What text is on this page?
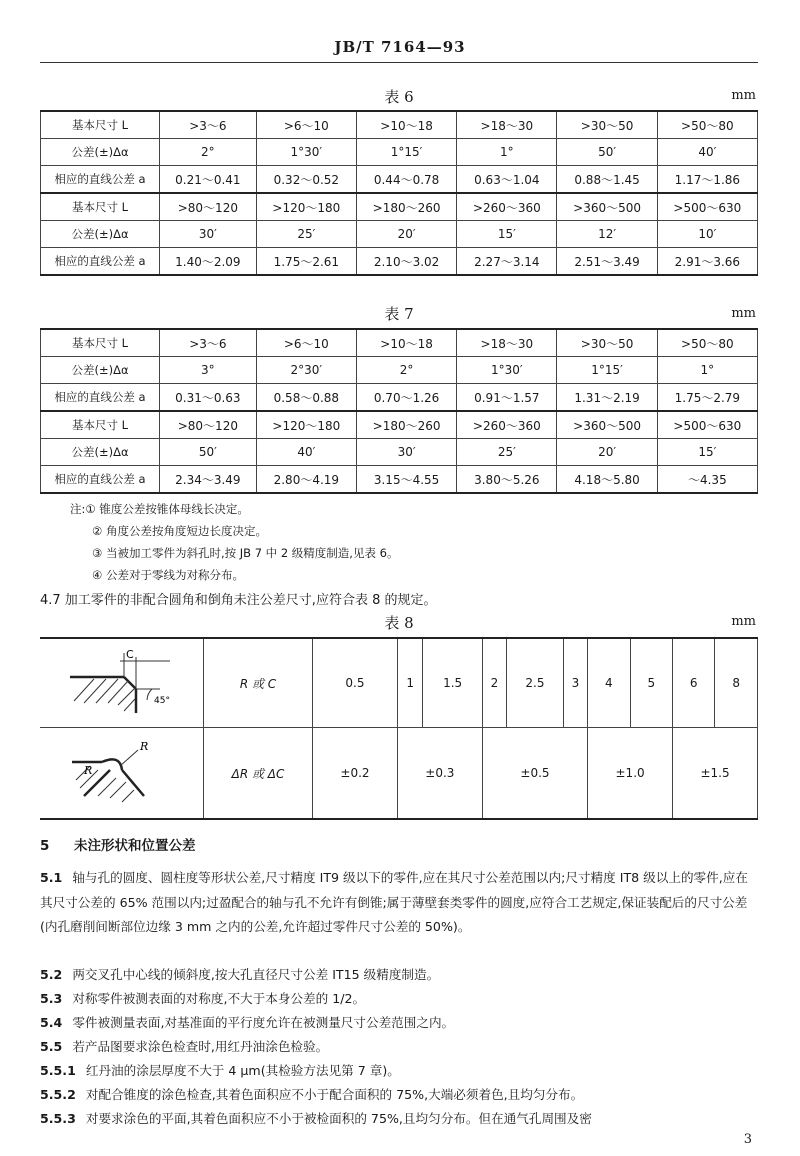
JB/T 7164—93
表 6	mm
基本尺寸 L	>3～6	>6～10	>10～18	>18～30	>30～50	>50～80
公差(±)Δα	2°	1°30′	1°15′	1°	50′	40′
相应的直线公差 a	0.21～0.41	0.32～0.52	0.44～0.78	0.63～1.04	0.88～1.45	1.17～1.86
基本尺寸 L	>80～120	>120～180	>180～260	>260～360	>360～500	>500～630
公差(±)Δα	30′	25′	20′	15′	12′	10′
相应的直线公差 a	1.40～2.09	1.75～2.61	2.10～3.02	2.27～3.14	2.51～3.49	2.91～3.66
表 7	mm
基本尺寸 L	>3～6	>6～10	>10～18	>18～30	>30～50	>50～80
公差(±)Δα	3°	2°30′	2°	1°30′	1°15′	1°
相应的直线公差 a	0.31～0.63	0.58～0.88	0.70～1.26	0.91～1.57	1.31～2.19	1.75～2.79
基本尺寸 L	>80～120	>120～180	>180～260	>260～360	>360～500	>500～630
公差(±)Δα	50′	40′	30′	25′	20′	15′
相应的直线公差 a	2.34～3.49	2.80～4.19	3.15～4.55	3.80～5.26	4.18～5.80	～4.35
注:① 锥度公差按锥体母线长决定。
② 角度公差按角度短边长度决定。
③ 当被加工零件为斜孔时,按 JB 7 中 2 级精度制造,见表 6。
④ 公差对于零线为对称分布。
4.7 加工零件的非配合圆角和倒角未注公差尺寸,应符合表 8 的规定。
表 8	mm
C
45°	R 或 C	0.5	1	1.5	2	2.5	3	4	5	6	8

R
R	ΔR 或 ΔC	±0.2	±0.3		±0.5			±1.0		±1.5	
5 未注形状和位置公差
5.1 轴与孔的圆度、圆柱度等形状公差,尺寸精度 IT9 级以下的零件,应在其尺寸公差范围以内;尺寸精度 IT8 级以上的零件,应在其尺寸公差的 65% 范围以内;过盈配合的轴与孔不允许有倒锥;属于薄壁套类零件的圆度,应符合工艺规定,保证装配后的尺寸公差(内孔磨削间断部位边缘 3 mm 之内的公差,允许超过零件尺寸公差的 50%)。
5.2 两交叉孔中心线的倾斜度,按大孔直径尺寸公差 IT15 级精度制造。
5.3 对称零件被测表面的对称度,不大于本身公差的 1/2。
5.4 零件被测量表面,对基准面的平行度允许在被测量尺寸公差范围之内。
5.5 若产品图要求涂色检查时,用红丹油涂色检验。
5.5.1 红丹油的涂层厚度不大于 4 μm(其检验方法见第 7 章)。
5.5.2 对配合锥度的涂色检查,其着色面积应不小于配合面积的 75%,大端必须着色,且均匀分布。
5.5.3 对要求涂色的平面,其着色面积应不小于被检面积的 75%,且均匀分布。但在通气孔周围及密
3
